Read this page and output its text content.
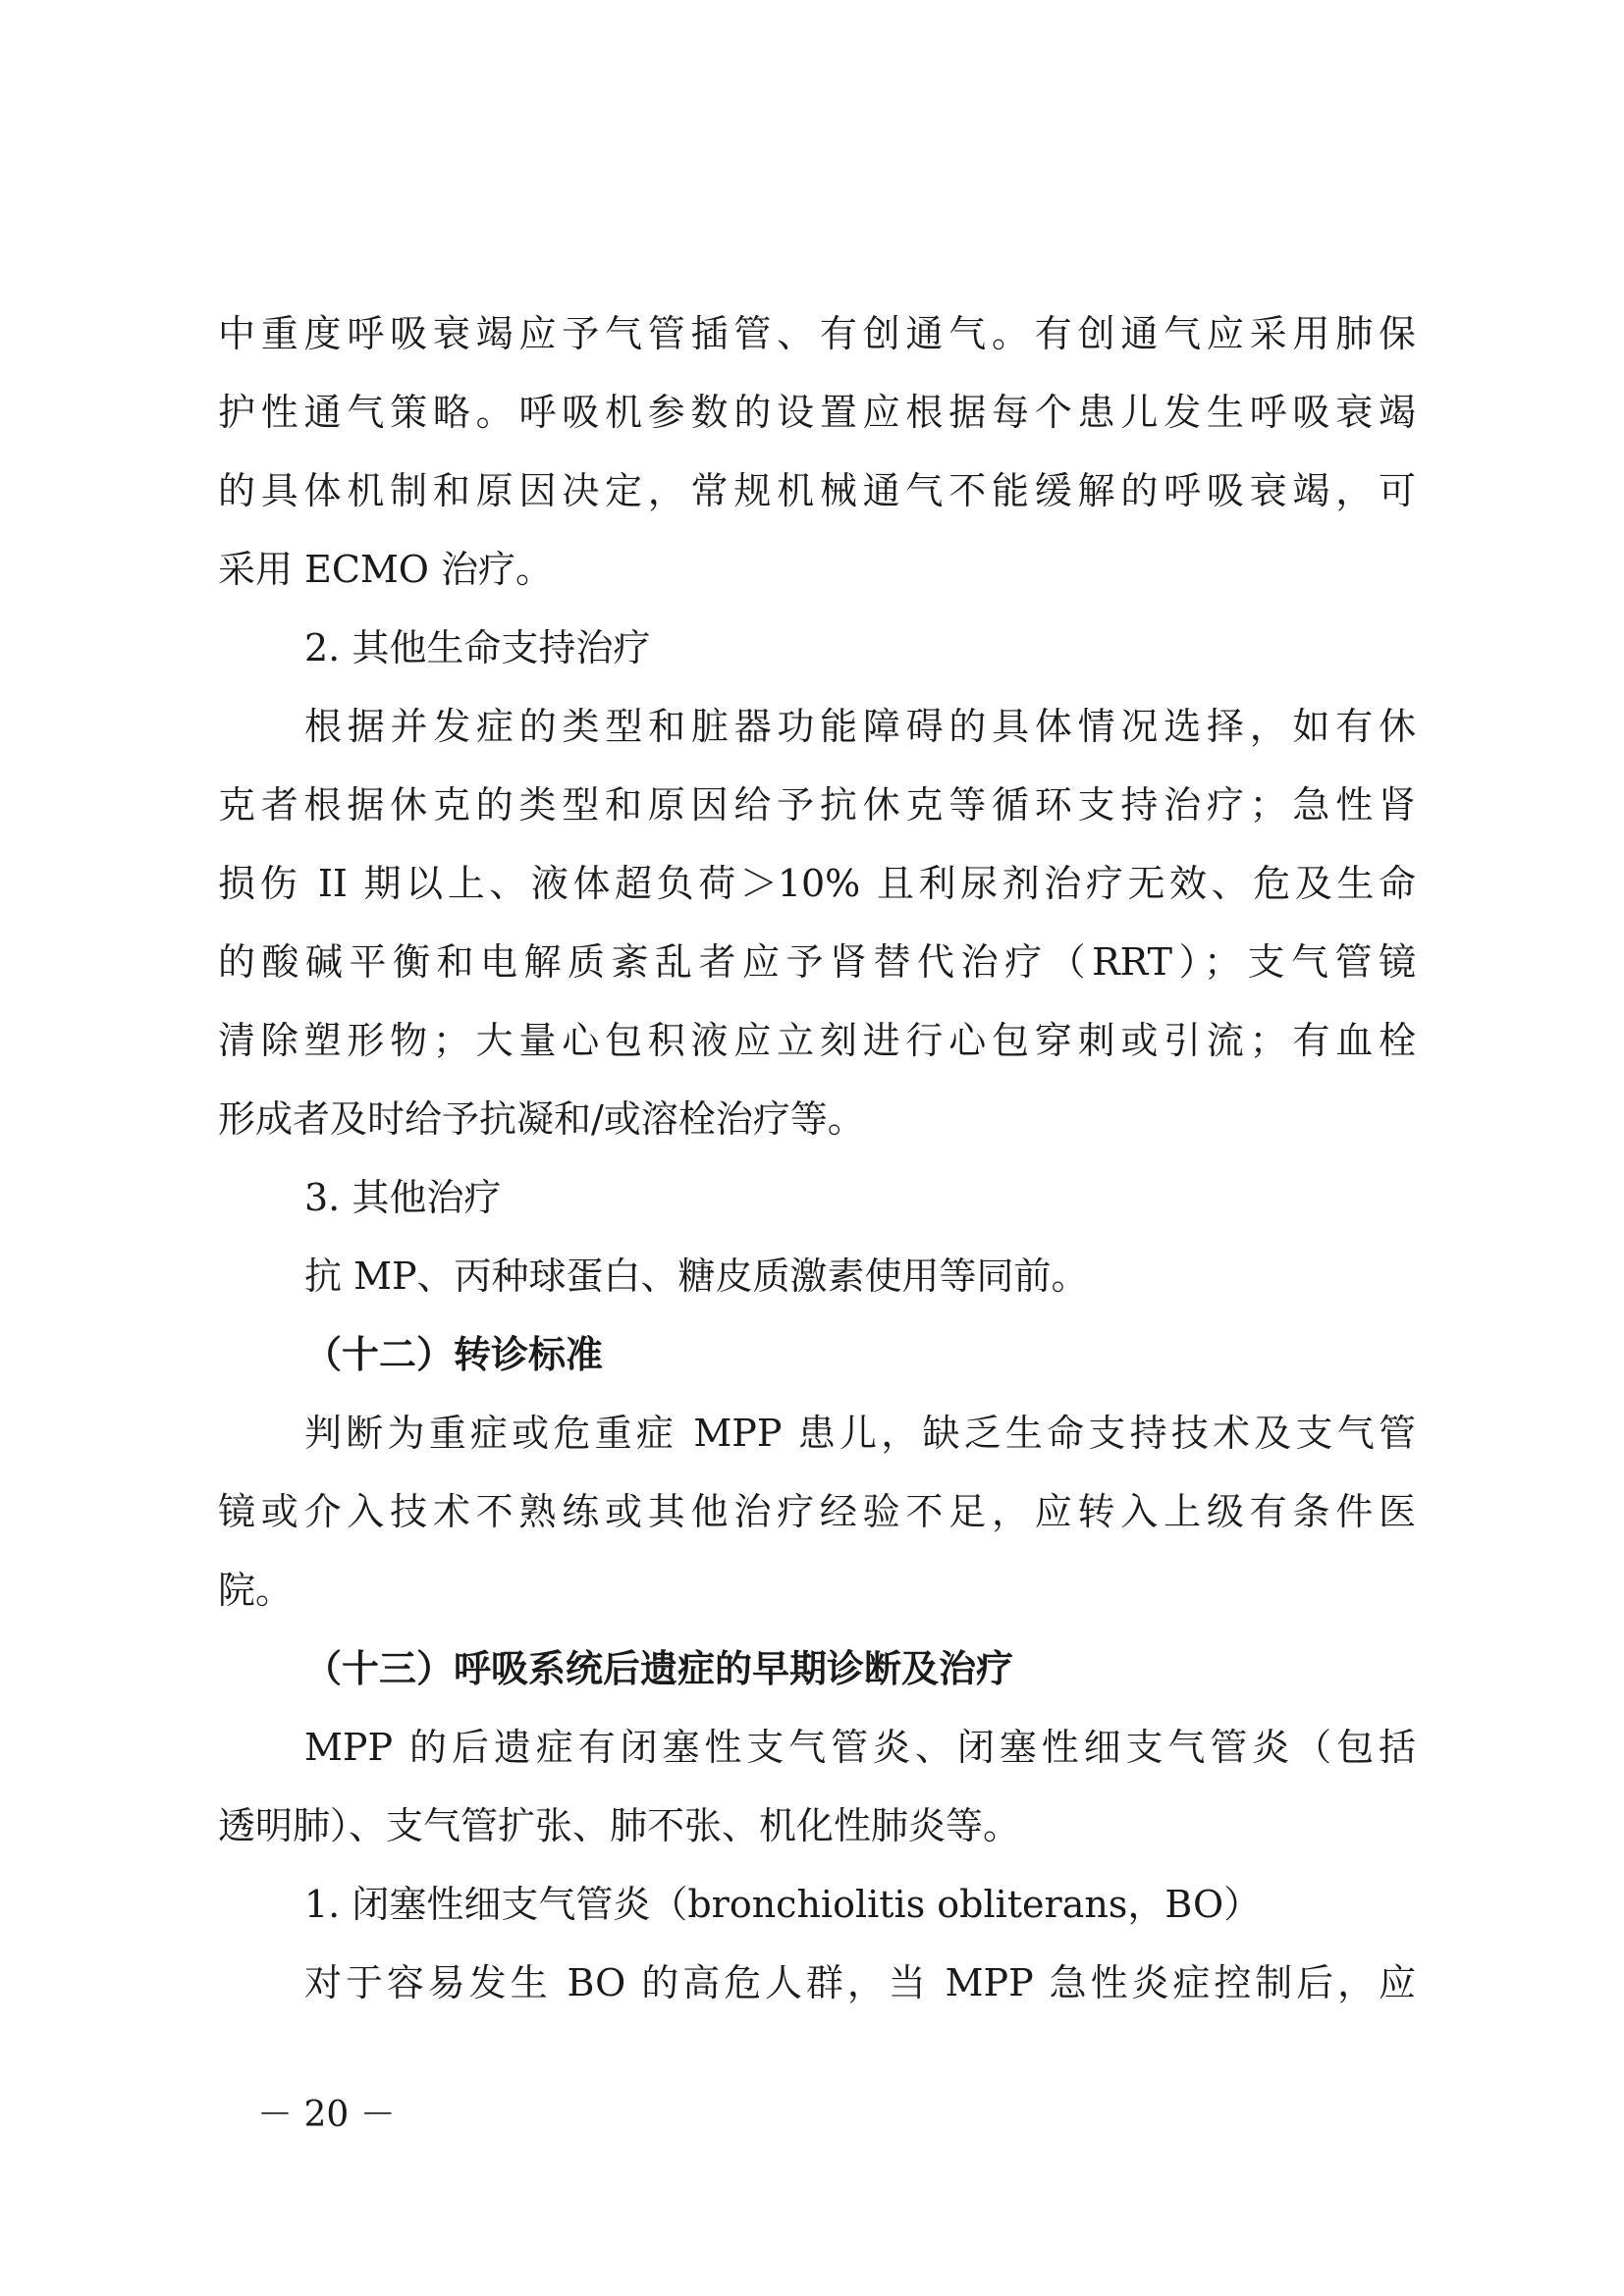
中重度呼吸衰竭应予气管插管、有创通气。有创通气应采用肺保
护性通气策略。呼吸机参数的设置应根据每个患儿发生呼吸衰竭
的具体机制和原因决定，常规机械通气不能缓解的呼吸衰竭，可
采用 ECMO 治疗。
2. 其他生命支持治疗
根据并发症的类型和脏器功能障碍的具体情况选择，如有休
克者根据休克的类型和原因给予抗休克等循环支持治疗；急性肾
损伤 II 期以上、液体超负荷＞10% 且利尿剂治疗无效、危及生命
的酸碱平衡和电解质紊乱者应予肾替代治疗（RRT）；支气管镜
清除塑形物；大量心包积液应立刻进行心包穿刺或引流；有血栓
形成者及时给予抗凝和/或溶栓治疗等。
3. 其他治疗
抗 MP、丙种球蛋白、糖皮质激素使用等同前。
（十二）转诊标准
判断为重症或危重症 MPP 患儿，缺乏生命支持技术及支气管
镜或介入技术不熟练或其他治疗经验不足，应转入上级有条件医
院。
（十三）呼吸系统后遗症的早期诊断及治疗
MPP 的后遗症有闭塞性支气管炎、闭塞性细支气管炎（包括
透明肺）、支气管扩张、肺不张、机化性肺炎等。
1. 闭塞性细支气管炎（bronchiolitis obliterans，BO）
对于容易发生 BO 的高危人群，当 MPP 急性炎症控制后，应
－ 20 －
